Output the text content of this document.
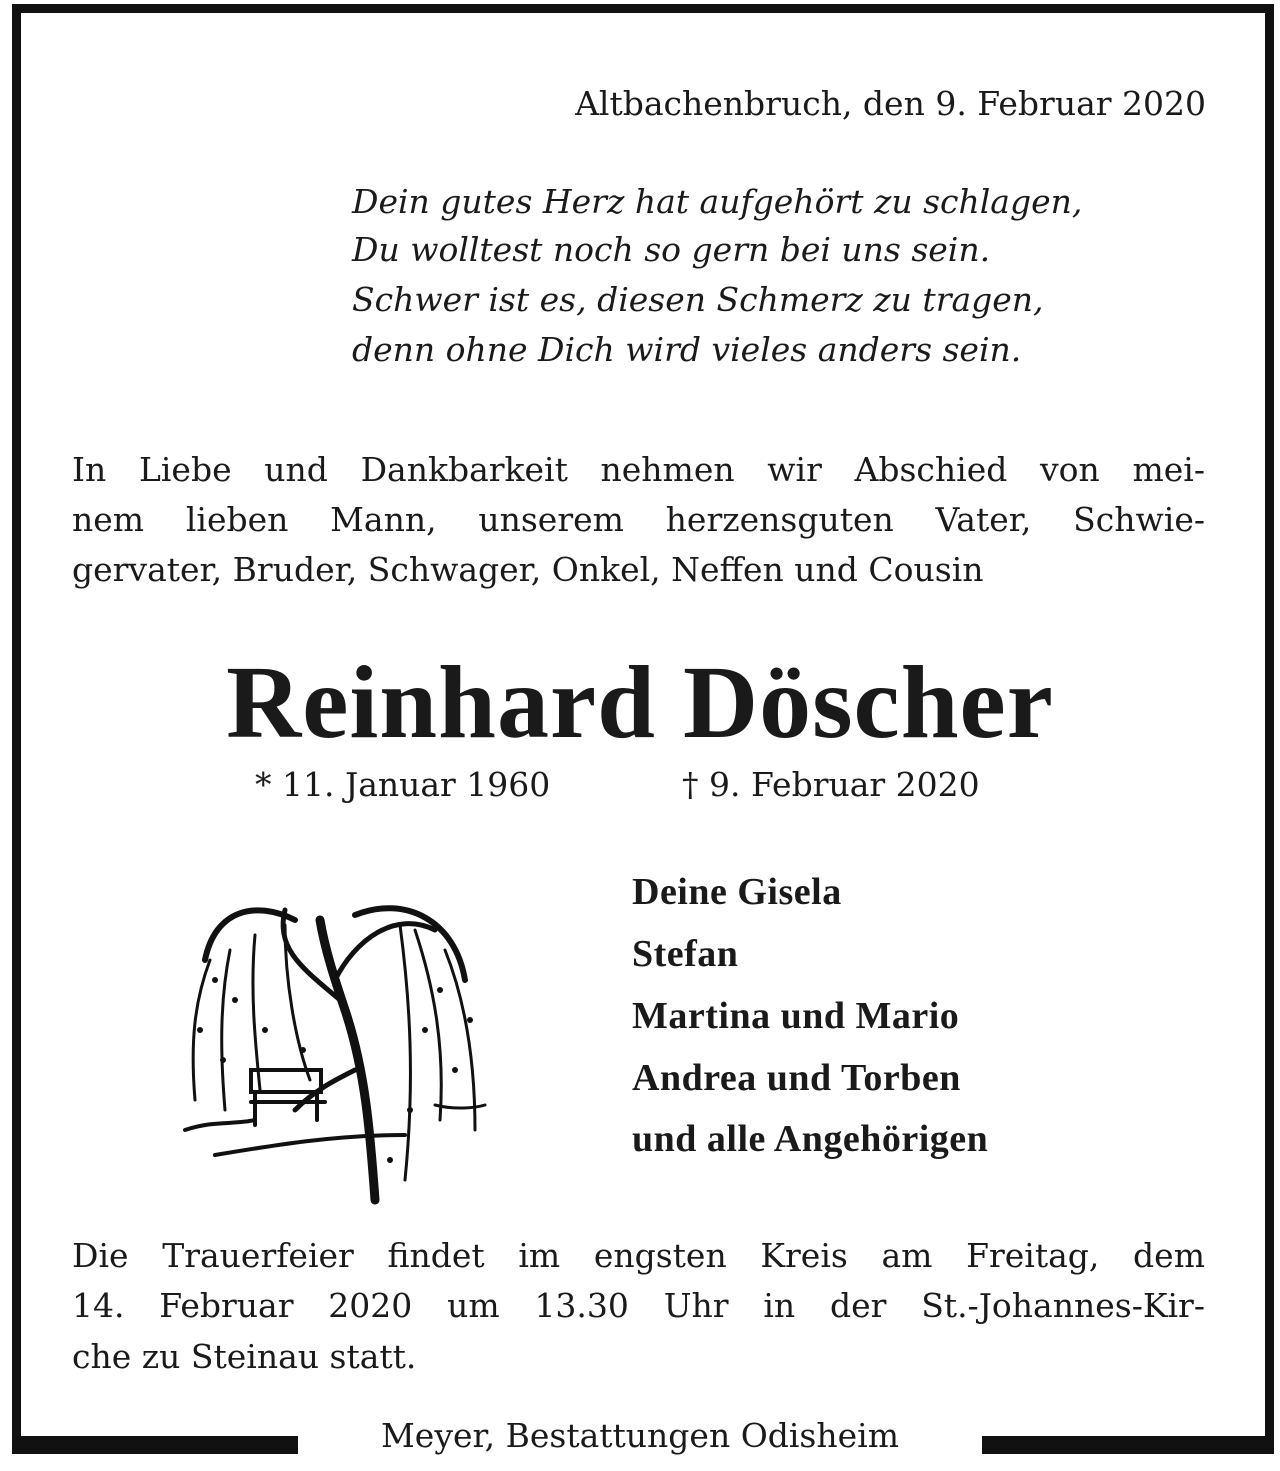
Altbachenbruch, den 9. Februar 2020
Dein gutes Herz hat aufgehört zu schlagen,
Du wolltest noch so gern bei uns sein.
Schwer ist es, diesen Schmerz zu tragen,
denn ohne Dich wird vieles anders sein.
In Liebe und Dankbarkeit nehmen wir Abschied von mei-
nem lieben Mann, unserem herzensguten Vater, Schwie-
gervater, Bruder, Schwager, Onkel, Neffen und Cousin
Reinhard Döscher
* 11. Januar 1960	† 9. Februar 2020
Deine Gisela
Stefan
Martina und Mario
Andrea und Torben
und alle Angehörigen
Die Trauerfeier findet im engsten Kreis am Freitag, dem
14. Februar 2020 um 13.30 Uhr in der St.-Johannes-Kir-
che zu Steinau statt.
Meyer, Bestattungen Odisheim
